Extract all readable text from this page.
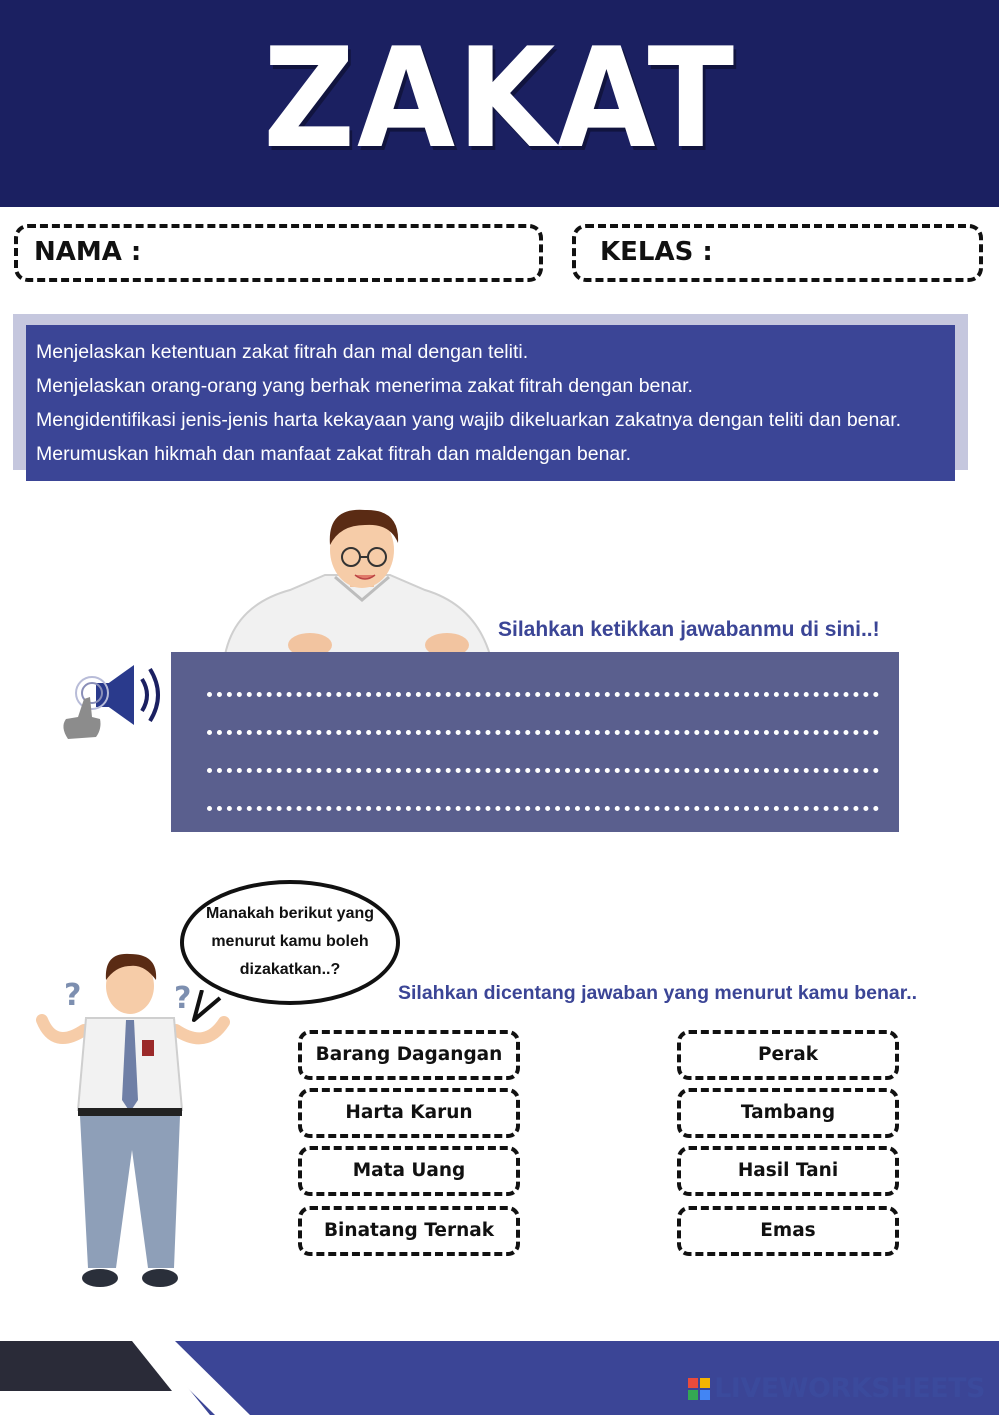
ZAKAT
NAMA :	KELAS :
Menjelaskan ketentuan zakat fitrah dan mal dengan teliti.
Menjelaskan orang-orang yang berhak menerima zakat fitrah dengan benar.
Mengidentifikasi jenis-jenis harta kekayaan yang wajib dikeluarkan zakatnya dengan teliti dan benar.
Merumuskan hikmah dan manfaat zakat fitrah dan maldengan benar.
Silahkan ketikkan jawabanmu di sini..!
Manakah berikut yang menurut kamu boleh dizakatkan..?
?	?	Silahkan dicentang jawaban yang menurut kamu benar..
Barang Dagangan
Harta Karun
Mata Uang
Binatang Ternak
Perak
Tambang
Hasil Tani
Emas
LIVEWORKSHEETS
